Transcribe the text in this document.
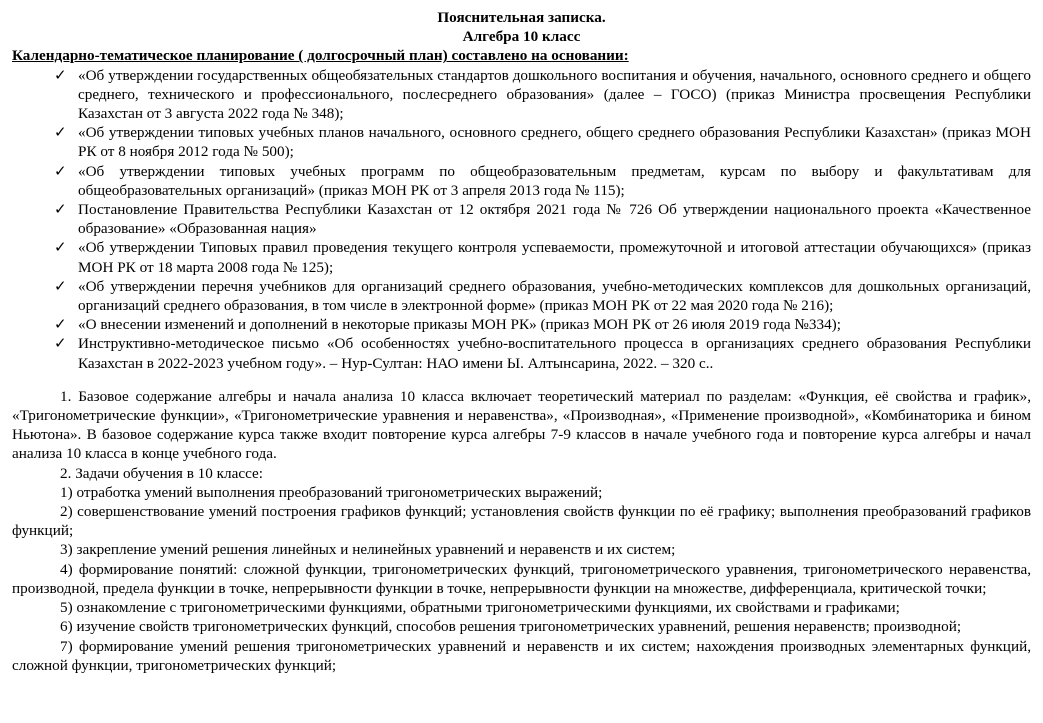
Пояснительная записка.

Алгебра 10 класс

Календарно-тематическое планирование ( долгосрочный план) составлено на основании:

✓ «Об утверждении государственных общеобязательных стандартов дошкольного воспитания и обучения, начального, основного среднего и общего среднего, технического и профессионального, послесреднего образования» (далее – ГОСО) (приказ Министра просвещения Республики Казахстан от 3 августа 2022 года № 348);
✓ «Об утверждении типовых учебных планов начального, основного среднего, общего среднего образования Республики Казахстан» (приказ МОН РК от 8 ноября 2012 года № 500);
✓ «Об утверждении типовых учебных программ по общеобразовательным предметам, курсам по выбору и факультативам для общеобразовательных организаций» (приказ МОН РК от 3 апреля 2013 года № 115);
✓ Постановление Правительства Республики Казахстан от 12 октября 2021 года № 726 Об утверждении национального проекта «Качественное образование» «Образованная нация»
✓ «Об утверждении Типовых правил проведения текущего контроля успеваемости, промежуточной и итоговой аттестации обучающихся» (приказ МОН РК от 18 марта 2008 года № 125);
✓ «Об утверждении перечня учебников для организаций среднего образования, учебно-методических комплексов для дошкольных организаций, организаций среднего образования, в том числе в электронной форме» (приказ МОН РК от 22 мая 2020 года № 216);
✓ «О внесении изменений и дополнений в некоторые приказы МОН РК» (приказ МОН РК от 26 июля 2019 года №334);
✓ Инструктивно-методическое письмо «Об особенностях учебно-воспитательного процесса в организациях среднего образования Республики Казахстан в 2022-2023 учебном году». – Нур-Султан: НАО имени Ы. Алтынсарина, 2022. – 320 с..

1. Базовое содержание алгебры и начала анализа 10 класса включает теоретический материал по разделам: «Функция, её свойства и график», «Тригонометрические функции», «Тригонометрические уравнения и неравенства», «Производная», «Применение производной», «Комбинаторика и бином Ньютона». В базовое содержание курса также входит повторение курса алгебры 7-9 классов в начале учебного года и повторение курса алгебры и начал анализа 10 класса в конце учебного года.

2. Задачи обучения в 10 классе:

1) отработка умений выполнения преобразований тригонометрических выражений;

2) совершенствование умений построения графиков функций; установления свойств функции по её графику; выполнения преобразований графиков функций;

3) закрепление умений решения линейных и нелинейных уравнений и неравенств и их систем;

4) формирование понятий: сложной функции, тригонометрических функций, тригонометрического уравнения, тригонометрического неравенства, производной, предела функции в точке, непрерывности функции в точке, непрерывности функции на множестве, дифференциала, критической точки;

5) ознакомление с тригонометрическими функциями, обратными тригонометрическими функциями, их свойствами и графиками;

6) изучение свойств тригонометрических функций, способов решения тригонометрических уравнений, решения неравенств; производной;

7) формирование умений решения тригонометрических уравнений и неравенств и их систем; нахождения производных элементарных функций, сложной функции, тригонометрических функций;
